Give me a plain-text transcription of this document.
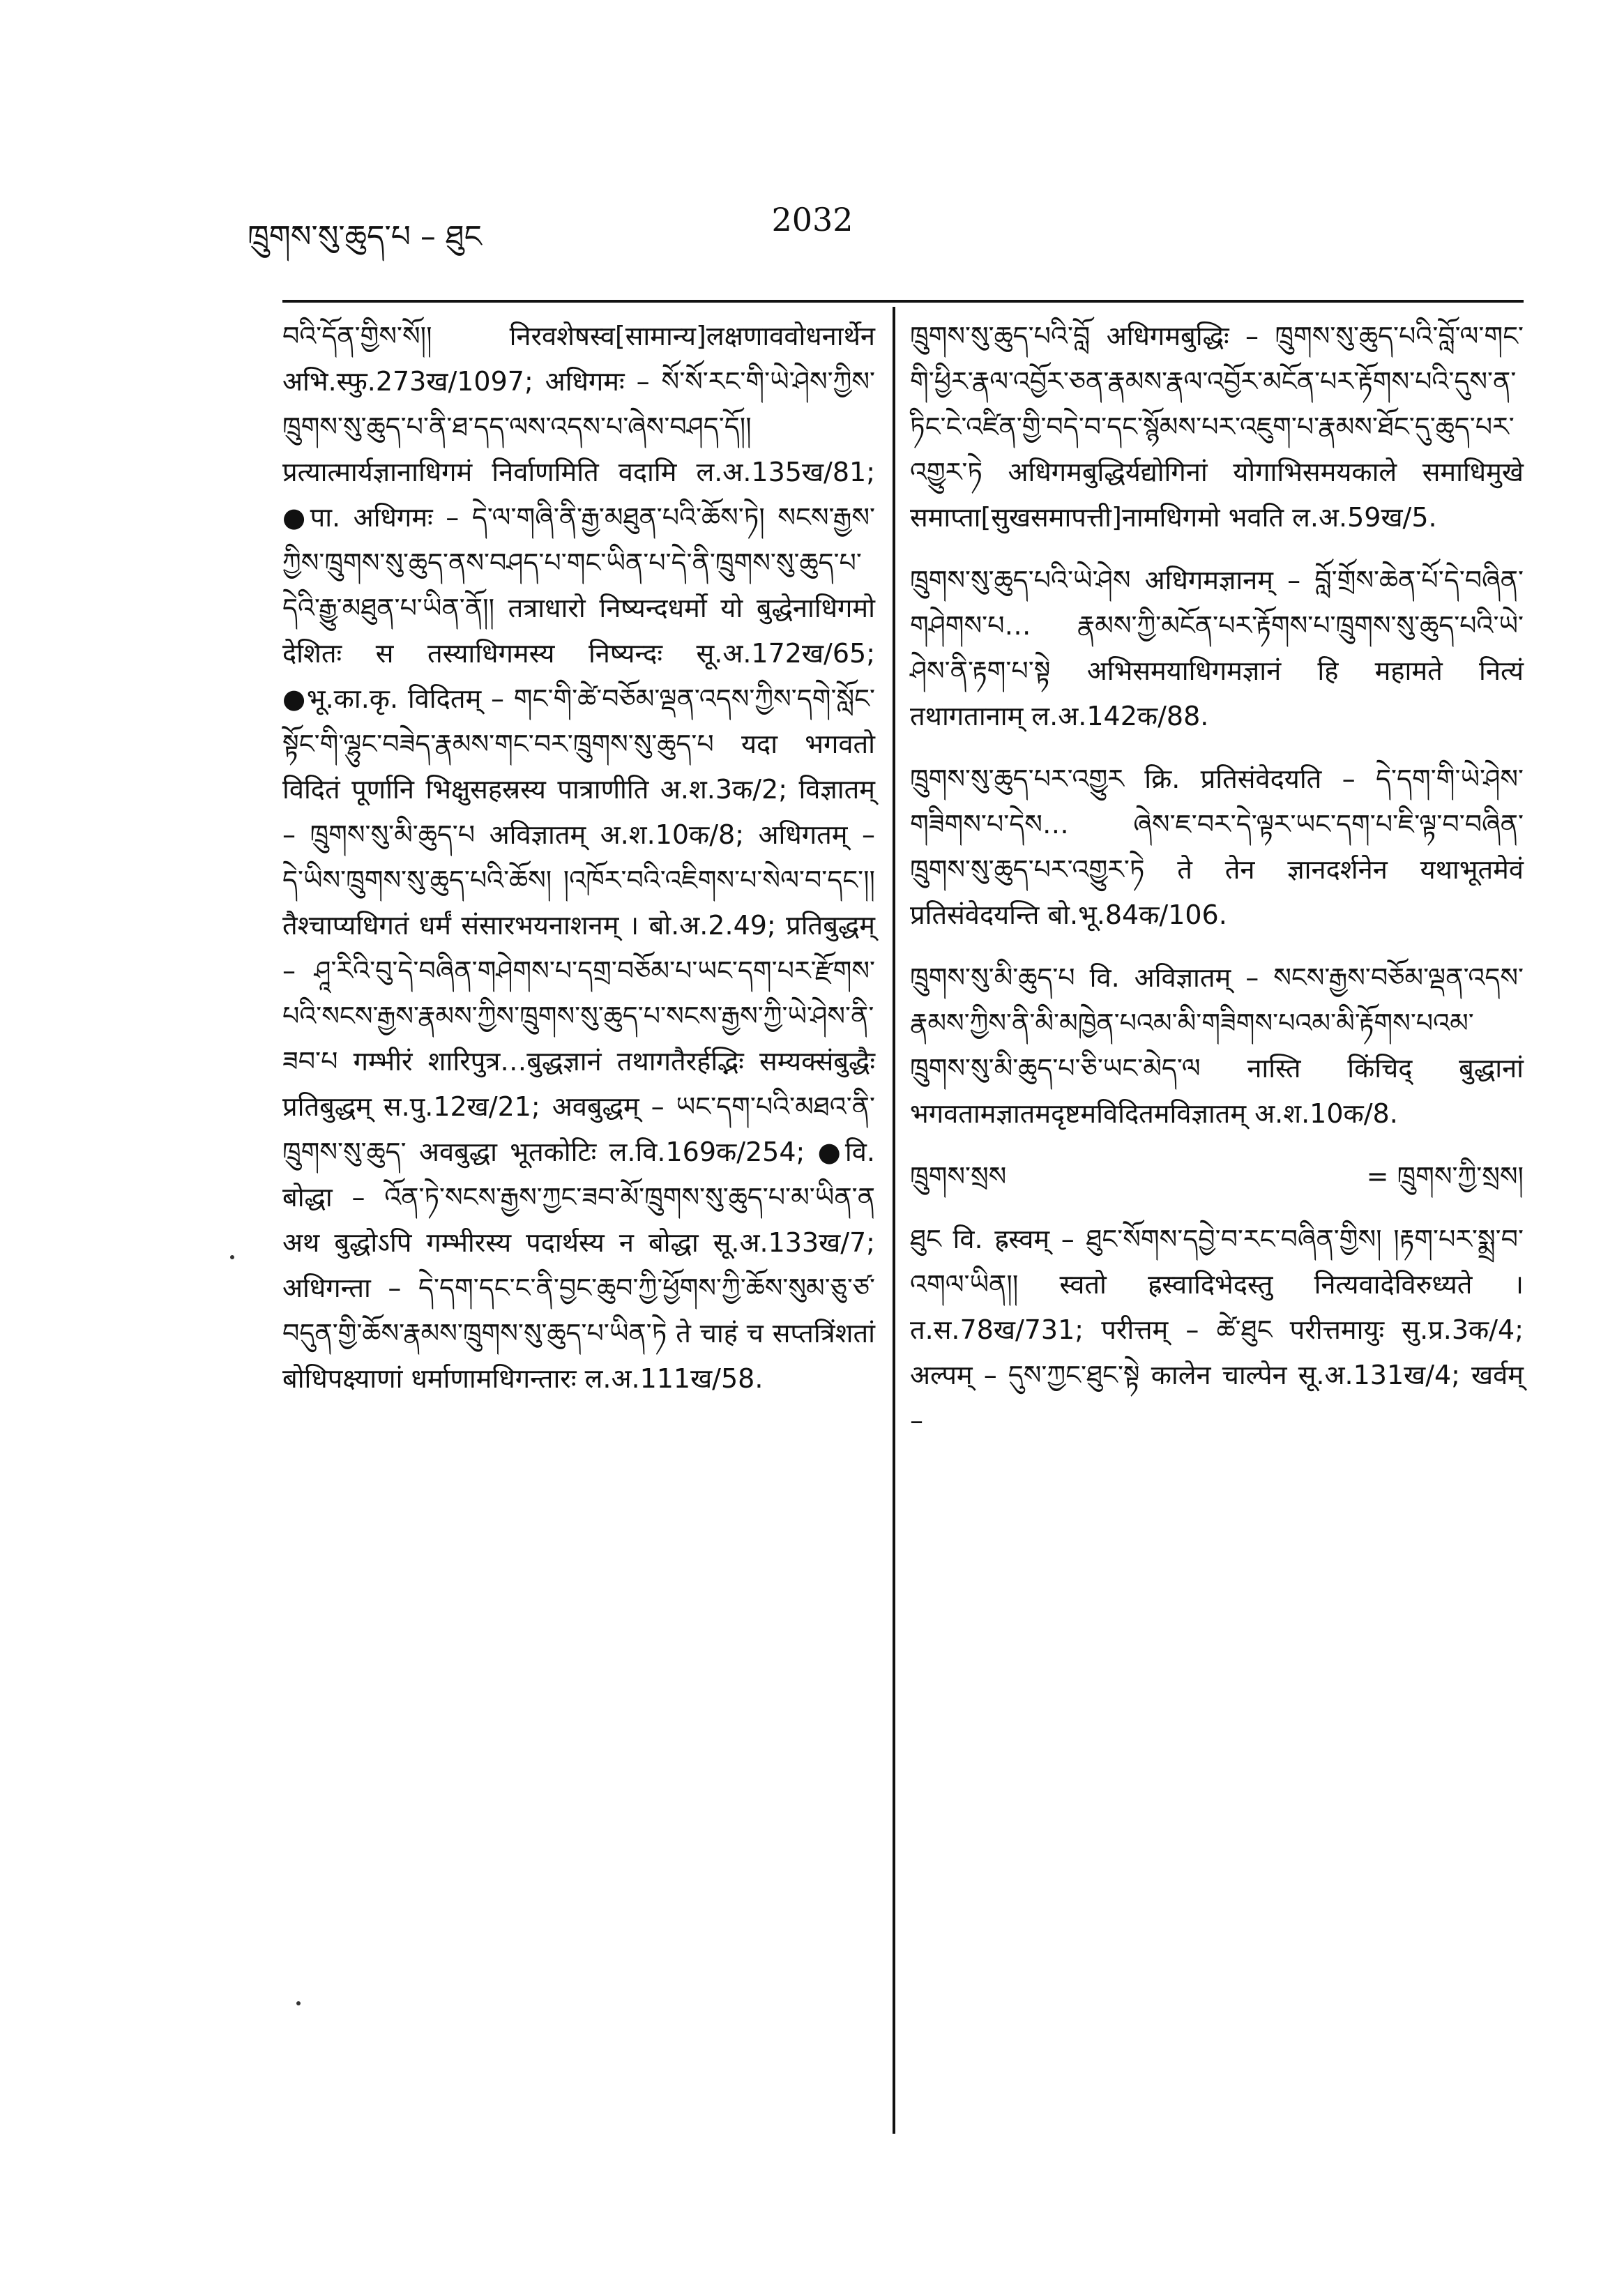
ཁྲུགས་སུ་ཆུད་པ – ཐུང	2032

བའི་དོན་གྱིས་སོ།། निरवशेषस्व[सामान्य]लक्षणाववोधनार्थेन अभि.स्फु.273ख/1097; अधिगमः – སོ་སོ་རང་གི་ཡེ་ཤེས་ཀྱིས་ཁྲུགས་སུ་ཆུད་པ་ནི་ཐ་དད་ལས་འདས་པ་ཞེས་བཤད་དོ།། प्रत्यात्मार्यज्ञानाधिगमं निर्वाणमिति वदामि ल.अ.135ख/81; ●पा. अधिगमः – དེ་ལ་གཞི་ནི་རྒྱ་མཐུན་པའི་ཆོས་ཏེ། སངས་རྒྱས་ཀྱིས་ཁྲུགས་སུ་ཆུད་ནས་བཤད་པ་གང་ཡིན་པ་དེ་ནི་ཁྲུགས་སུ་ཆུད་པ་དེའི་རྒྱུ་མཐུན་པ་ཡིན་ནོ།། तत्राधारो निष्यन्दधर्मो यो बुद्धेनाधिगमो देशितः स तस्याधिगमस्य निष्यन्दः सू.अ.172ख/65; ●भू.का.कृ. विदितम् – གང་གི་ཚེ་བཅོམ་ལྡན་འདས་ཀྱིས་དགེ་སློང་སྟོང་གི་ལྷུང་བཟེད་རྣམས་གང་བར་ཁྲུགས་སུ་ཆུད་པ यदा भगवतो विदितं पूर्णानि भिक्षुसहस्रस्य पात्राणीति अ.श.3क/2; विज्ञातम् – ཁྲུགས་སུ་མི་ཆུད་པ अविज्ञातम् अ.श.10क/8; अधिगतम् – དེ་ཡིས་ཁྲུགས་སུ་ཆུད་པའི་ཆོས། །འཁོར་བའི་འཇིགས་པ་སེལ་བ་དང་།། तैश्चाप्यधिगतं धर्मं संसारभयनाशनम् । बो.अ.2.49; प्रतिबुद्धम् – ཤཱ་རིའི་བུ་དེ་བཞིན་གཤེགས་པ་དགྲ་བཅོམ་པ་ཡང་དག་པར་རྫོགས་པའི་སངས་རྒྱས་རྣམས་ཀྱིས་ཁྲུགས་སུ་ཆུད་པ་སངས་རྒྱས་ཀྱི་ཡེ་ཤེས་ནི་ཟབ་པ गम्भीरं शारिपुत्र…बुद्धज्ञानं तथागतैरर्हद्भिः सम्यक्संबुद्धैः प्रतिबुद्धम् स.पु.12ख/21; अवबुद्धम् – ཡང་དག་པའི་མཐའ་ནི་ཁྲུགས་སུ་ཆུད་ अवबुद्धा भूतकोटिः ल.वि.169क/254; ●वि. बोद्धा – འོན་ཏེ་སངས་རྒྱས་ཀྱང་ཟབ་མོ་ཁྲུགས་སུ་ཆུད་པ་མ་ཡིན་ན अथ बुद्धोऽपि गम्भीरस्य पदार्थस्य न बोद्धा सू.अ.133ख/7; अधिगन्ता – དེ་དག་དང་ང་ནི་བྱང་ཆུབ་ཀྱི་ཕྱོགས་ཀྱི་ཆོས་སུམ་ཅུ་ཙ་བདུན་གྱི་ཆོས་རྣམས་ཁྲུགས་སུ་ཆུད་པ་ཡིན་ཏེ ते चाहं च सप्तत्रिंशतां बोधिपक्ष्याणां धर्माणामधिगन्तारः ल.अ.111ख/58.

ཁྲུགས་སུ་ཆུད་པའི་བློ अधिगमबुद्धिः – ཁྲུགས་སུ་ཆུད་པའི་བློ་ལ་གང་གི་ཕྱིར་རྣལ་འབྱོར་ཅན་རྣམས་རྣལ་འབྱོར་མངོན་པར་རྟོགས་པའི་དུས་ན་ཏིང་ངེ་འཛིན་གྱི་བདེ་བ་དང་སྙོམས་པར་འཇུག་པ་རྣམས་ཐོང་དུ་ཆུད་པར་འགྱུར་ཏེ अधिगमबुद्धिर्यद्योगिनां योगाभिसमयकाले समाधिमुखे समाप्ता[सुखसमापत्ती]नामधिगमो भवति ल.अ.59ख/5.

ཁྲུགས་སུ་ཆུད་པའི་ཡེ་ཤེས अधिगमज्ञानम् – བློ་གྲོས་ཆེན་པོ་དེ་བཞིན་གཤེགས་པ… རྣམས་ཀྱི་མངོན་པར་རྟོགས་པ་ཁྲུགས་སུ་ཆུད་པའི་ཡེ་ཤེས་ནི་རྟག་པ་སྟེ अभिसमयाधिगमज्ञानं हि महामते नित्यं तथागतानाम् ल.अ.142क/88.

ཁྲུགས་སུ་ཆུད་པར་འགྱུར क्रि. प्रतिसंवेदयति – དེ་དག་གི་ཡེ་ཤེས་གཟིགས་པ་དེས… ཞེས་ཇ་བར་དེ་ལྟར་ཡང་དག་པ་ཇི་ལྟ་བ་བཞིན་ཁྲུགས་སུ་ཆུད་པར་འགྱུར་ཏེ ते तेन ज्ञानदर्शनेन यथाभूतमेवं प्रतिसंवेदयन्ति बो.भू.84क/106.

ཁྲུགས་སུ་མི་ཆུད་པ वि. अविज्ञातम् – སངས་རྒྱས་བཅོམ་ལྡན་འདས་རྣམས་ཀྱིས་ནི་མི་མཁྱེན་པའམ་མི་གཟིགས་པའམ་མི་རྟོགས་པའམ་ཁྲུགས་སུ་མི་ཆུད་པ་ཅི་ཡང་མེད་ལ नास्ति किंचिद् बुद्धानां भगवतामज्ञातमदृष्टमविदितमविज्ञातम् अ.श.10क/8.

ཁྲུགས་སྲས	= ཁྲུགས་ཀྱི་སྲས།

ཐུང वि. ह्रस्वम् – ཐུང་སོགས་དབྱེ་བ་རང་བཞིན་གྱིས། །རྟག་པར་སྨྲ་བ་འགལ་ཡིན།། स्वतो ह्रस्वादिभेदस्तु नित्यवादेविरुध्यते । त.स.78ख/731; परीत्तम् – ཚེ་ཐུང परीत्तमायुः सु.प्र.3क/4; अल्पम् – དུས་ཀྱང་ཐུང་སྟེ कालेन चाल्पेन सू.अ.131ख/4; खर्वम् –
